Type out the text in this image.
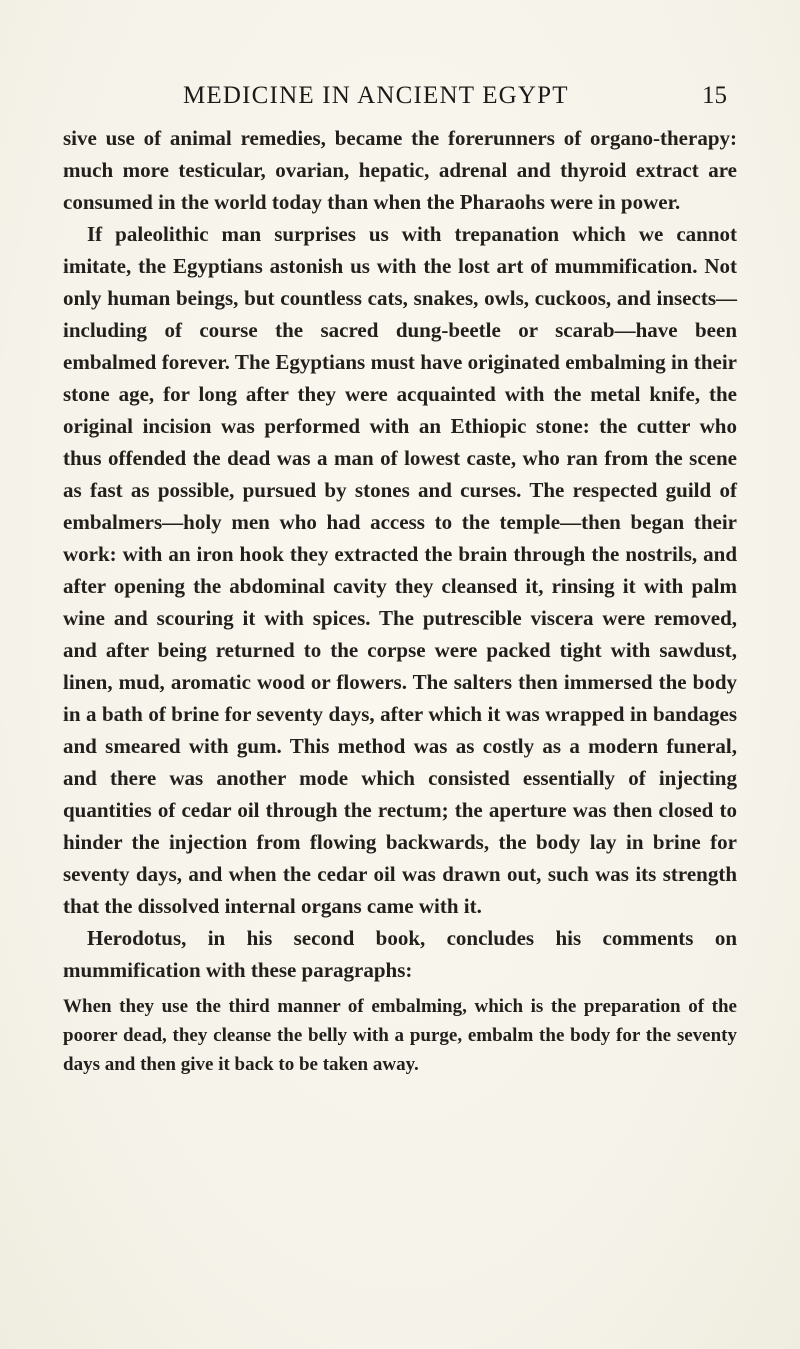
MEDICINE IN ANCIENT EGYPT	15

sive use of animal remedies, became the forerunners of organo-therapy: much more testicular, ovarian, hepatic, adrenal and thyroid extract are consumed in the world today than when the Pharaohs were in power.

If paleolithic man surprises us with trepanation which we cannot imitate, the Egyptians astonish us with the lost art of mummification. Not only human beings, but countless cats, snakes, owls, cuckoos, and insects—including of course the sacred dung-beetle or scarab—have been embalmed forever. The Egyptians must have originated embalming in their stone age, for long after they were acquainted with the metal knife, the original incision was performed with an Ethiopic stone: the cutter who thus offended the dead was a man of lowest caste, who ran from the scene as fast as possible, pursued by stones and curses. The respected guild of embalmers—holy men who had access to the temple—then began their work: with an iron hook they extracted the brain through the nostrils, and after opening the abdominal cavity they cleansed it, rinsing it with palm wine and scouring it with spices. The putrescible viscera were removed, and after being returned to the corpse were packed tight with sawdust, linen, mud, aromatic wood or flowers. The salters then immersed the body in a bath of brine for seventy days, after which it was wrapped in bandages and smeared with gum. This method was as costly as a modern funeral, and there was another mode which consisted essentially of injecting quantities of cedar oil through the rectum; the aperture was then closed to hinder the injection from flowing backwards, the body lay in brine for seventy days, and when the cedar oil was drawn out, such was its strength that the dissolved internal organs came with it.

Herodotus, in his second book, concludes his comments on mummification with these paragraphs:

When they use the third manner of embalming, which is the preparation of the poorer dead, they cleanse the belly with a purge, embalm the body for the seventy days and then give it back to be taken away.
